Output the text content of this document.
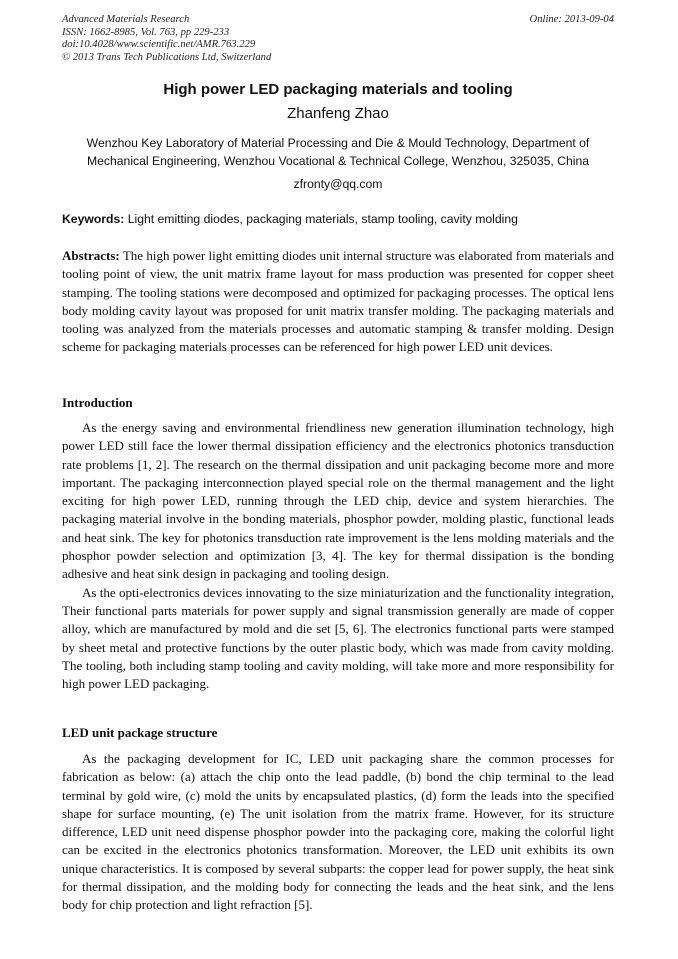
Advanced Materials Research
ISSN: 1662-8985, Vol. 763, pp 229-233
doi:10.4028/www.scientific.net/AMR.763.229
© 2013 Trans Tech Publications Ltd, Switzerland
Online: 2013-09-04
High power LED packaging materials and tooling
Zhanfeng Zhao
Wenzhou Key Laboratory of Material Processing and Die & Mould Technology, Department of Mechanical Engineering, Wenzhou Vocational & Technical College, Wenzhou, 325035, China
zfronty@qq.com
Keywords: Light emitting diodes, packaging materials, stamp tooling, cavity molding
Abstracts: The high power light emitting diodes unit internal structure was elaborated from materials and tooling point of view, the unit matrix frame layout for mass production was presented for copper sheet stamping. The tooling stations were decomposed and optimized for packaging processes. The optical lens body molding cavity layout was proposed for unit matrix transfer molding. The packaging materials and tooling was analyzed from the materials processes and automatic stamping & transfer molding. Design scheme for packaging materials processes can be referenced for high power LED unit devices.
Introduction

As the energy saving and environmental friendliness new generation illumination technology, high power LED still face the lower thermal dissipation efficiency and the electronics photonics transduction rate problems [1, 2]. The research on the thermal dissipation and unit packaging become more and more important. The packaging interconnection played special role on the thermal management and the light exciting for high power LED, running through the LED chip, device and system hierarchies. The packaging material involve in the bonding materials, phosphor powder, molding plastic, functional leads and heat sink. The key for photonics transduction rate improvement is the lens molding materials and the phosphor powder selection and optimization [3, 4]. The key for thermal dissipation is the bonding adhesive and heat sink design in packaging and tooling design.

As the opti-electronics devices innovating to the size miniaturization and the functionality integration, Their functional parts materials for power supply and signal transmission generally are made of copper alloy, which are manufactured by mold and die set [5, 6]. The electronics functional parts were stamped by sheet metal and protective functions by the outer plastic body, which was made from cavity molding. The tooling, both including stamp tooling and cavity molding, will take more and more responsibility for high power LED packaging.

LED unit package structure

As the packaging development for IC, LED unit packaging share the common processes for fabrication as below: (a) attach the chip onto the lead paddle, (b) bond the chip terminal to the lead terminal by gold wire, (c) mold the units by encapsulated plastics, (d) form the leads into the specified shape for surface mounting, (e) The unit isolation from the matrix frame. However, for its structure difference, LED unit need dispense phosphor powder into the packaging core, making the colorful light can be excited in the electronics photonics transformation. Moreover, the LED unit exhibits its own unique characteristics. It is composed by several subparts: the copper lead for power supply, the heat sink for thermal dissipation, and the molding body for connecting the leads and the heat sink, and the lens body for chip protection and light refraction [5].
